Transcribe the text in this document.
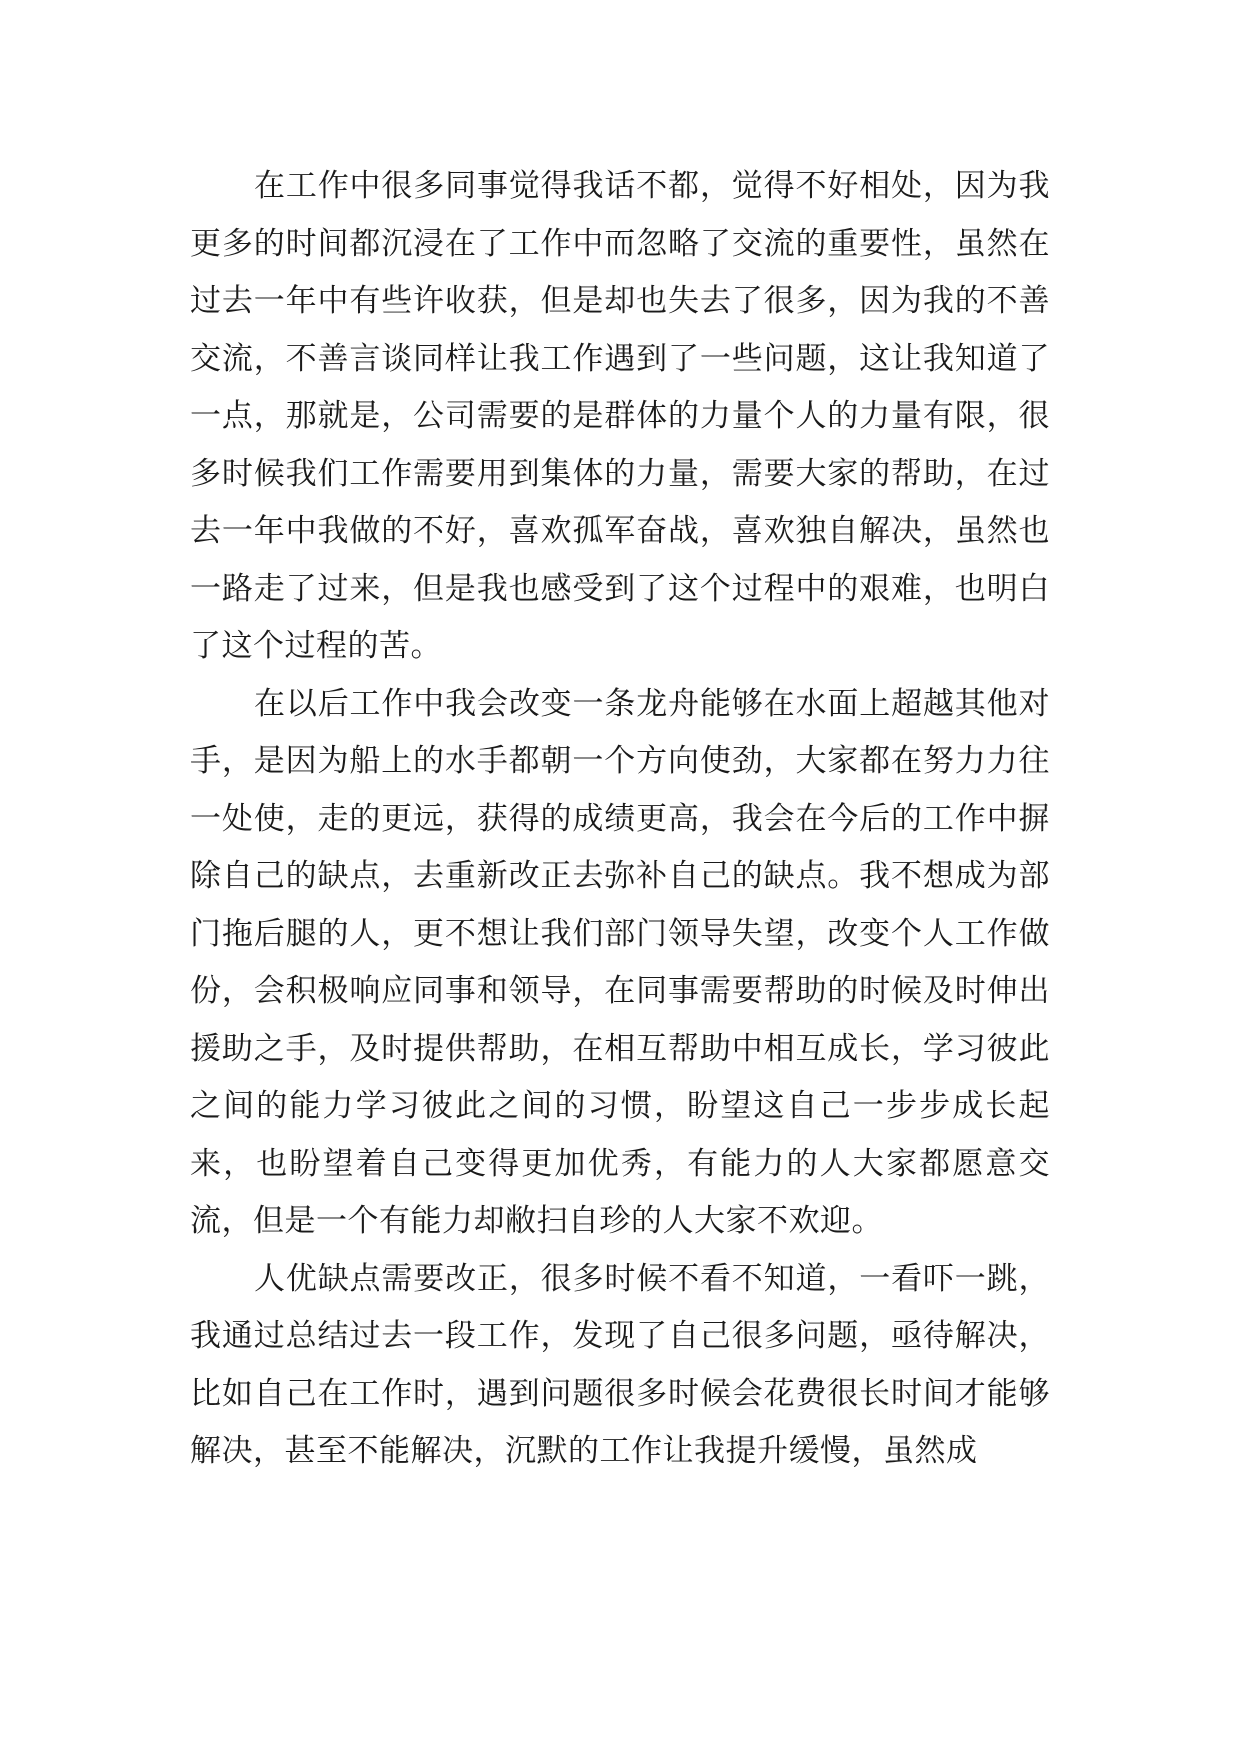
在工作中很多同事觉得我话不都，觉得不好相处，因为我更多的时间都沉浸在了工作中而忽略了交流的重要性，虽然在过去一年中有些许收获，但是却也失去了很多，因为我的不善交流，不善言谈同样让我工作遇到了一些问题，这让我知道了一点，那就是，公司需要的是群体的力量个人的力量有限，很多时候我们工作需要用到集体的力量，需要大家的帮助，在过去一年中我做的不好，喜欢孤军奋战，喜欢独自解决，虽然也一路走了过来，但是我也感受到了这个过程中的艰难，也明白了这个过程的苦。

在以后工作中我会改变一条龙舟能够在水面上超越其他对手，是因为船上的水手都朝一个方向使劲，大家都在努力力往一处使，走的更远，获得的成绩更高，我会在今后的工作中摒除自己的缺点，去重新改正去弥补自己的缺点。我不想成为部门拖后腿的人，更不想让我们部门领导失望，改变个人工作做份，会积极响应同事和领导，在同事需要帮助的时候及时伸出援助之手，及时提供帮助，在相互帮助中相互成长，学习彼此之间的能力学习彼此之间的习惯，盼望这自己一步步成长起来，也盼望着自己变得更加优秀，有能力的人大家都愿意交流，但是一个有能力却敝扫自珍的人大家不欢迎。

人优缺点需要改正，很多时候不看不知道，一看吓一跳，我通过总结过去一段工作，发现了自己很多问题，亟待解决，比如自己在工作时，遇到问题很多时候会花费很长时间才能够解决，甚至不能解决，沉默的工作让我提升缓慢，虽然成
